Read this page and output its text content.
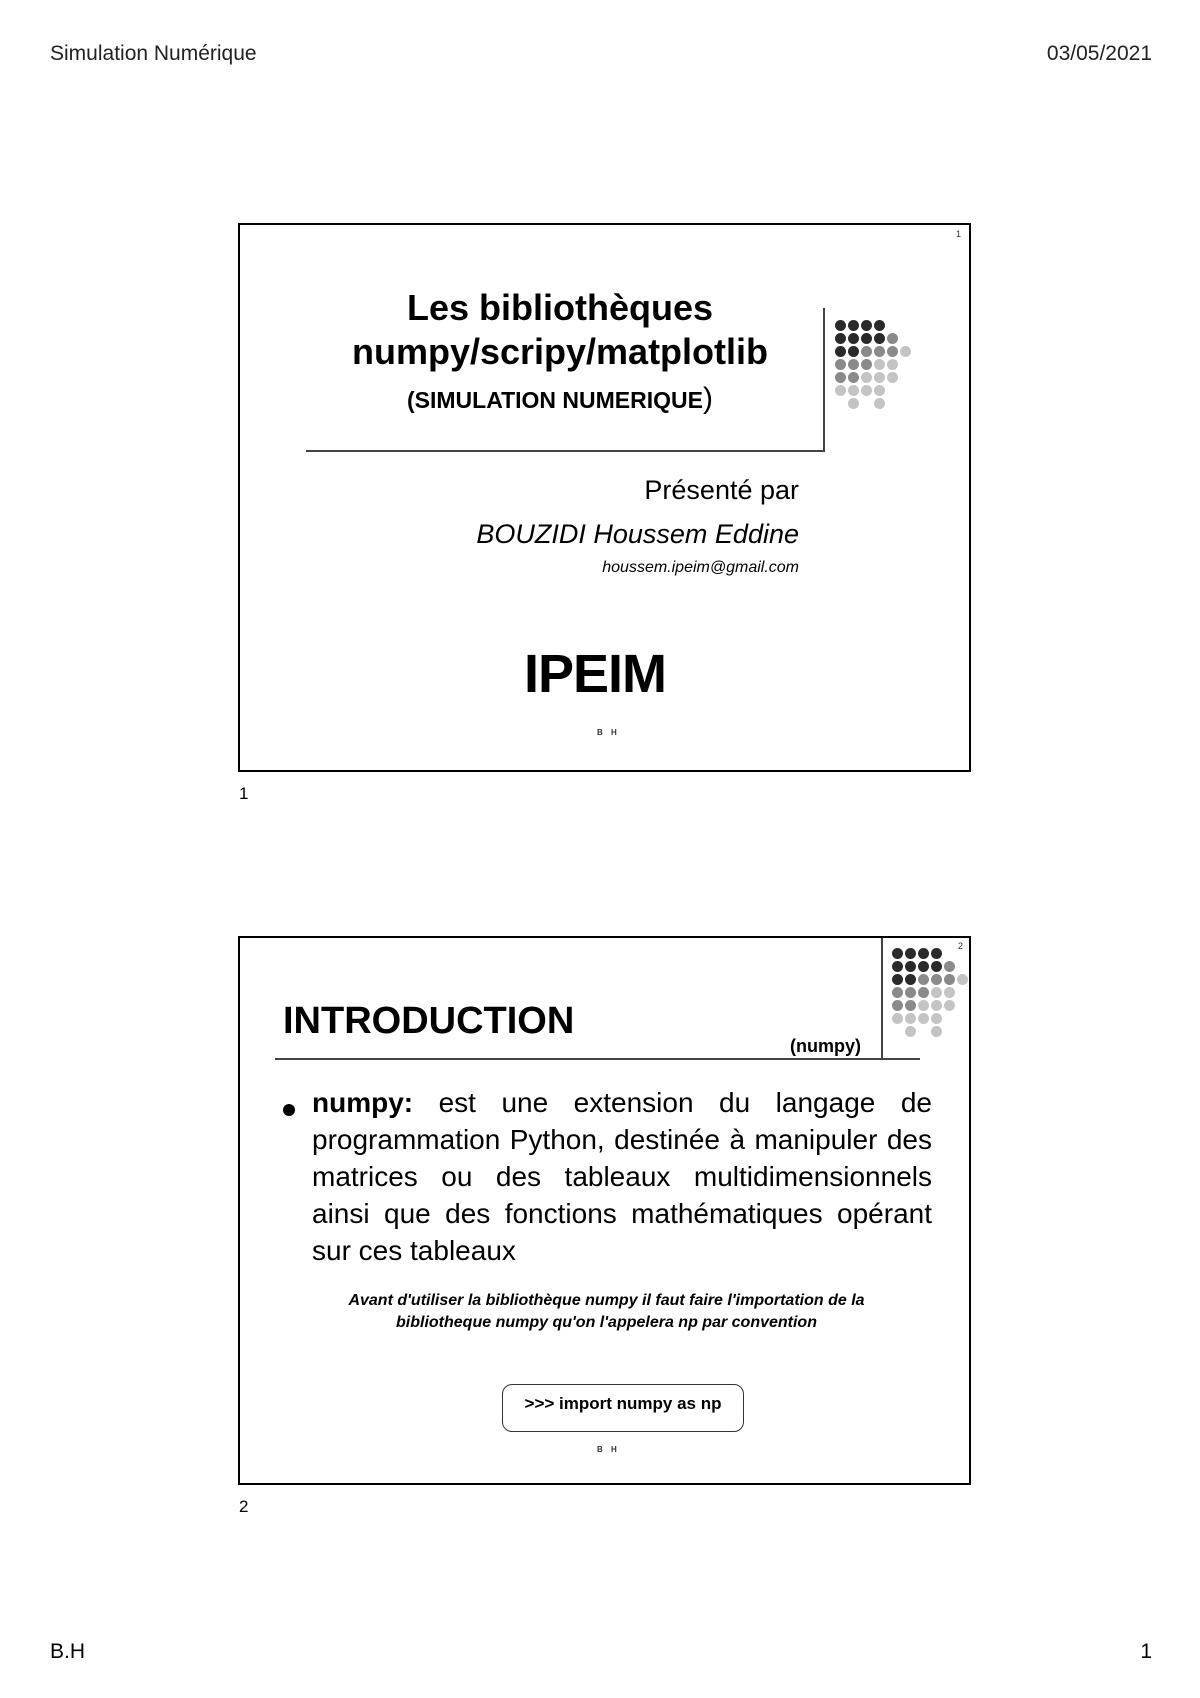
Simulation Numérique	03/05/2021
1
Les bibliothèques
numpy/scripy/matplotlib
(SIMULATION NUMERIQUE)
Présenté par
BOUZIDI Houssem Eddine
houssem.ipeim@gmail.com
IPEIM
B H
1
2
INTRODUCTION
(numpy)
numpy: est une extension du langage de programmation Python, destinée à manipuler des matrices ou des tableaux multidimensionnels ainsi que des fonctions mathématiques opérant sur ces tableaux
Avant d'utiliser la bibliothèque numpy il faut faire l'importation de la
bibliotheque numpy qu'on l'appelera np par convention
>>> import numpy as np
B H
2
B.H	1
